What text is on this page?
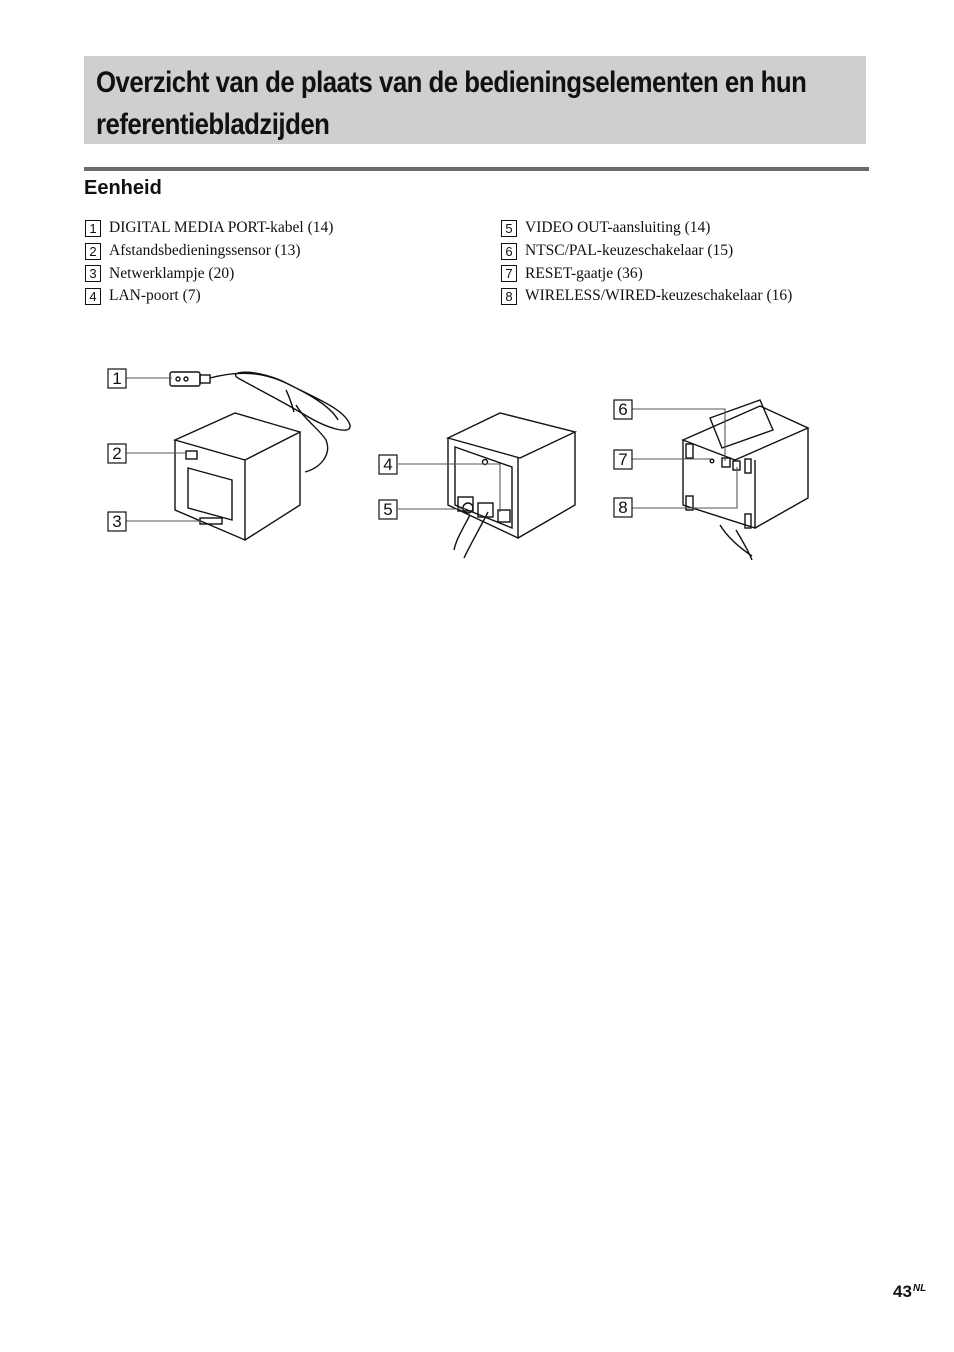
Overzicht van de plaats van de bedieningselementen en hun referentiebladzijden
Eenheid
1 DIGITAL MEDIA PORT-kabel (14)
2 Afstandsbedieningssensor (13)
3 Netwerklampje (20)
4 LAN-poort (7)
5 VIDEO OUT-aansluiting (14)
6 NTSC/PAL-keuzeschakelaar (15)
7 RESET-gaatje (36)
8 WIRELESS/WIRED-keuzeschakelaar (16)
1
2
3
4
5
6
7
8
$43^{NL}$
